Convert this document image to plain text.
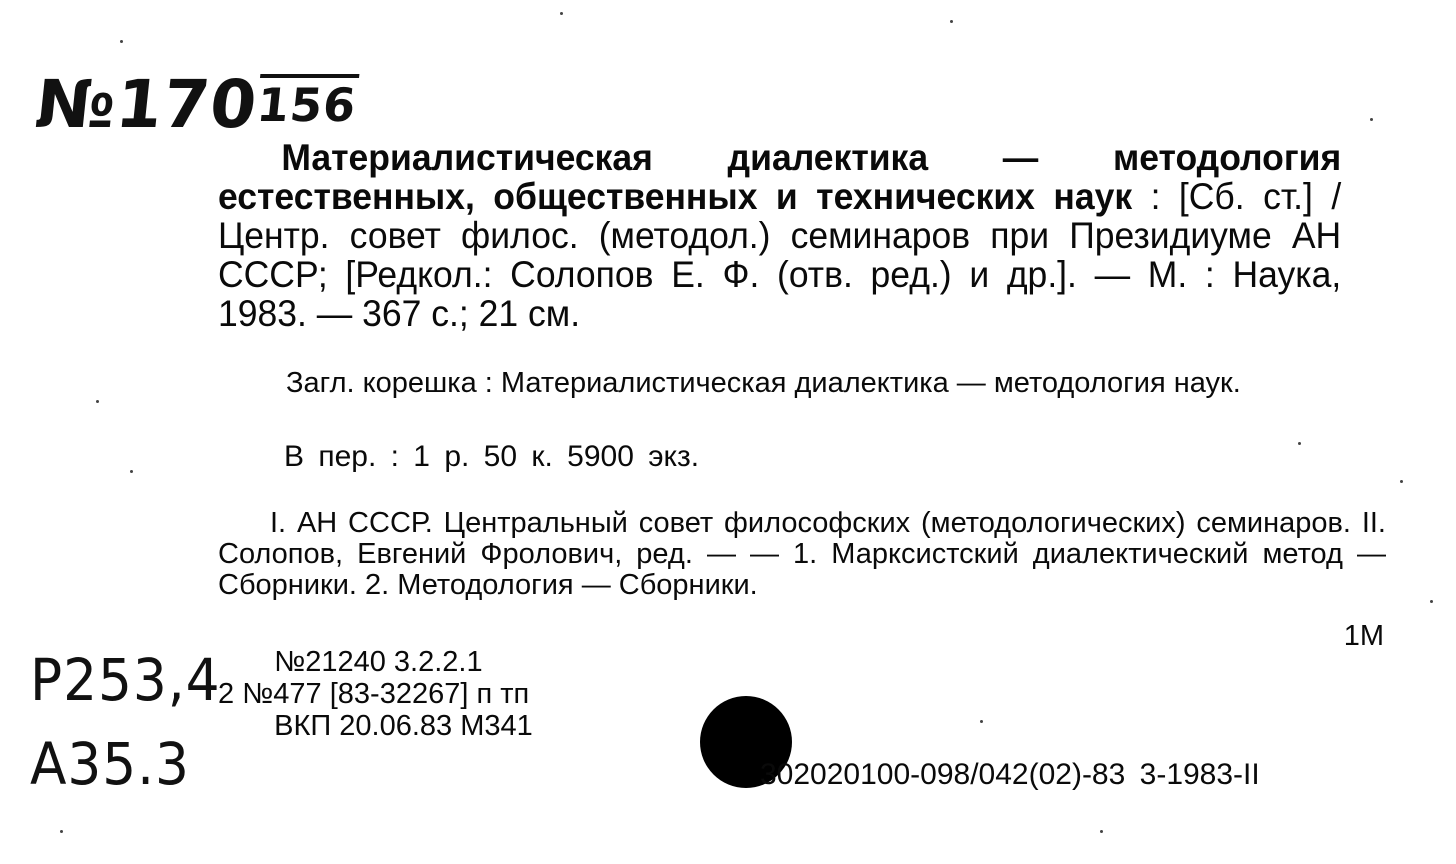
№170156
Материалистическая диалектика — методология естественных, общественных и технических наук : [Сб. ст.] / Центр. совет филос. (методол.) семинаров при Президиуме АН СССР; [Редкол.: Солопов Е. Ф. (отв. ред.) и др.]. — М. : Наука, 1983. — 367 с.; 21 см.
Загл. корешка : Материалистическая диалектика — методология наук.
В пер. : 1 р. 50 к. 5900 экз.
I. АН СССР. Центральный совет философских (методологических) семинаров. II. Солопов, Евгений Фролович, ред. — — 1. Марксистский диалектический метод — Сборники. 2. Методология — Сборники.
1М
P253,4
A35.3
№21240 3.2.2.1
2 №477 [83-32267] п тп
ВКП 20.06.83 М341
302020100-098/042(02)-83 3-1983-II
